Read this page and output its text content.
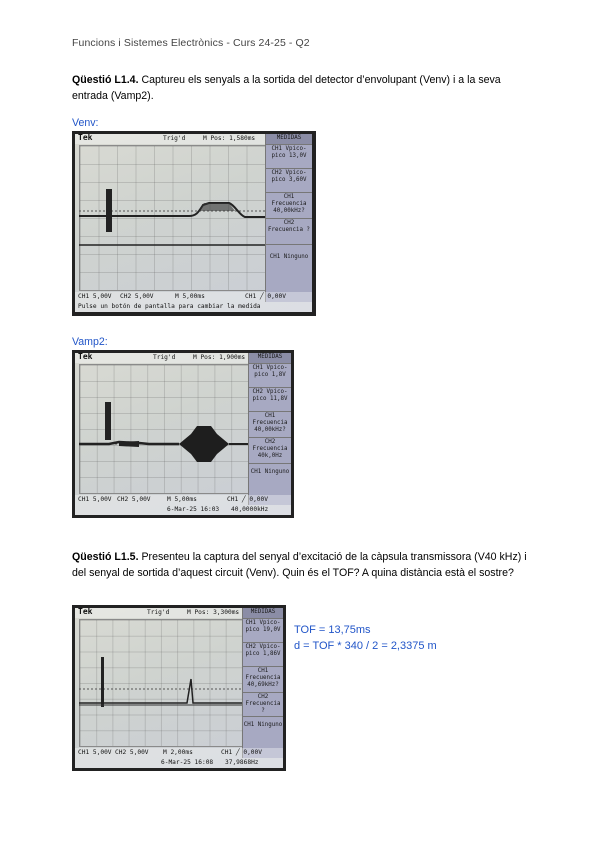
Funcions i Sistemes Electrònics - Curs 24-25 - Q2
Qüestió L1.4. Captureu els senyals a la sortida del detector d’envolupant (Venv) i a la seva entrada (Vamp2).
Venv:
Tek	Trig'd	M Pos: 1,580ms	MEDIDAS
CH1 Vpico-pico 13,0V
CH2 Vpico-pico 3,60V
CH1 Frecuencia 40,00kHz?
CH2 Frecuencia ?
CH1 Ninguno
CH1 5,00V CH2 5,00V	M 5,00ms	CH1 ╱ 0,00V
Pulse un botón de pantalla para cambiar la medida
Vamp2:
Tek	Trig'd	M Pos: 1,900ms	MEDIDAS
CH1 Vpico-pico 1,8V
CH2 Vpico-pico 11,8V
CH1 Frecuencia 40,00kHz?
CH2 Frecuencia 40k,0Hz
CH1 Ninguno
CH1 5,00V CH2 5,00V	M 5,00ms	CH1 ╱ 0,00V
6-Mar-25 16:03 40,0000kHz
Qüestió L1.5. Presenteu la captura del senyal d’excitació de la càpsula transmissora (V40 kHz) i del senyal de sortida d’aquest circuit (Venv). Quin és el TOF? A quina distància està el sostre?
Tek	Trig'd	M Pos: 3,300ms	MEDIDAS
CH1 Vpico-pico 19,0V
CH2 Vpico-pico 1,86V
CH1 Frecuencia 40,69kHz?
CH2 Frecuencia ?
CH1 Ninguno
CH1 5,00V CH2 5,00V M 2,00ms	CH1 ╱ 0,00V
6-Mar-25 16:08 37,9868Hz
TOF = 13,75ms
d = TOF * 340 / 2 = 2,3375 m
